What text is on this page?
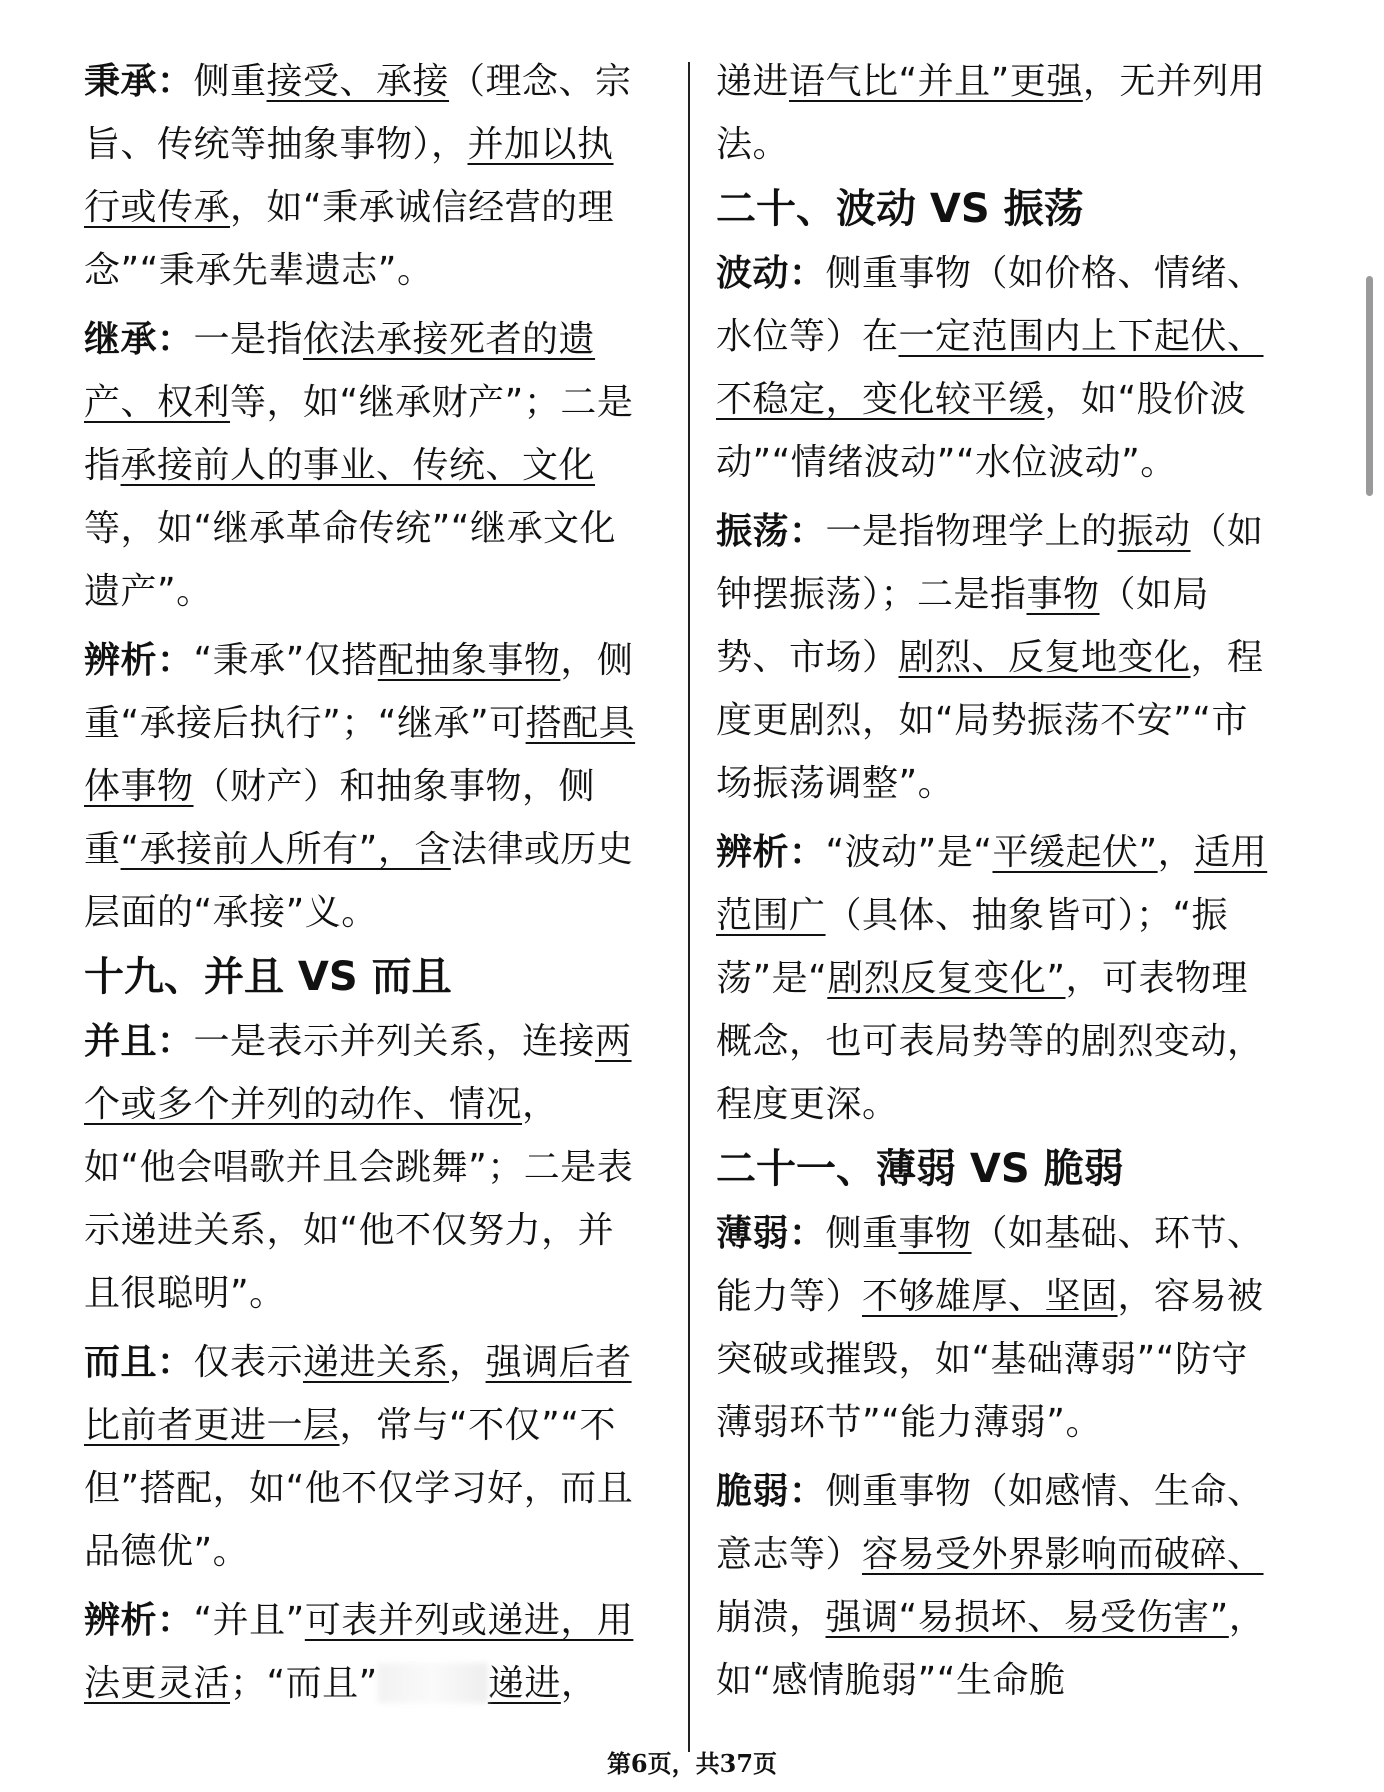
秉承：侧重接受、承接（理念、宗旨、传统等抽象事物），并加以执行或传承，如“秉承诚信经营的理念”“秉承先辈遗志”。
继承：一是指依法承接死者的遗产、权利等，如“继承财产”；二是指承接前人的事业、传统、文化等，如“继承革命传统”“继承文化遗产”。
辨析：“秉承”仅搭配抽象事物，侧重“承接后执行”；“继承”可搭配具体事物（财产）和抽象事物，侧重“承接前人所有”，含法律或历史层面的“承接”义。
十九、并且 VS 而且
并且：一是表示并列关系，连接两个或多个并列的动作、情况，如“他会唱歌并且会跳舞”；二是表示递进关系，如“他不仅努力，并且很聪明”。
而且：仅表示递进关系，强调后者比前者更进一层，常与“不仅”“不但”搭配，如“他不仅学习好，而且品德优”。
辨析：“并且”可表并列或递进，用法更灵活；“而且”	递进，
递进语气比“并且”更强，无并列用法。
二十、波动 VS 振荡
波动：侧重事物（如价格、情绪、水位等）在一定范围内上下起伏、不稳定，变化较平缓，如“股价波动”“情绪波动”“水位波动”。
振荡：一是指物理学上的振动（如钟摆振荡）；二是指事物（如局势、市场）剧烈、反复地变化，程度更剧烈，如“局势振荡不安”“市场振荡调整”。
辨析：“波动”是“平缓起伏”，适用范围广（具体、抽象皆可）；“振荡”是“剧烈反复变化”，可表物理概念，也可表局势等的剧烈变动，程度更深。
二十一、薄弱 VS 脆弱
薄弱：侧重事物（如基础、环节、能力等）不够雄厚、坚固，容易被突破或摧毁，如“基础薄弱”“防守薄弱环节”“能力薄弱”。
脆弱：侧重事物（如感情、生命、意志等）容易受外界影响而破碎、崩溃，强调“易损坏、易受伤害”，如“感情脆弱”“生命脆
第6页，共37页
